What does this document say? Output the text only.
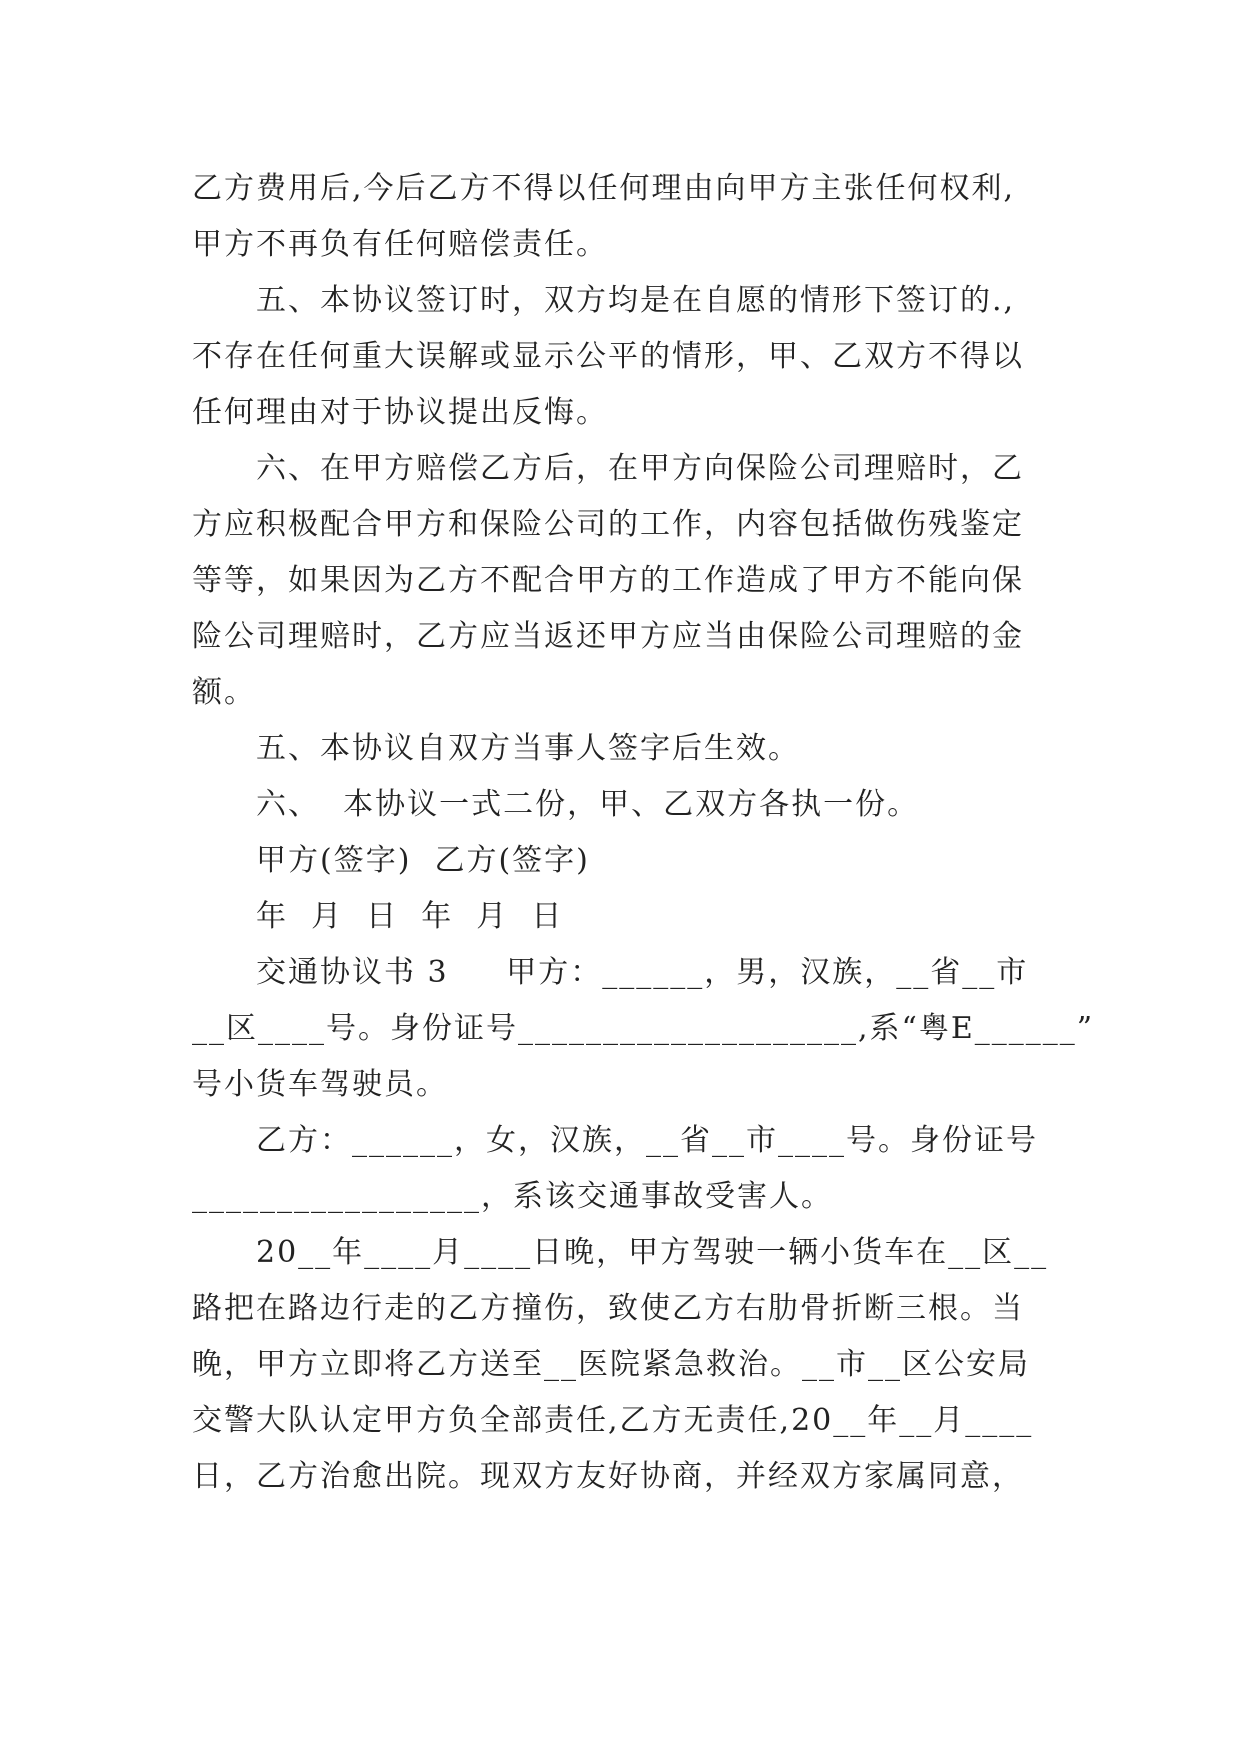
乙方费用后,今后乙方不得以任何理由向甲方主张任何权利,
甲方不再负有任何赔偿责任。
五、本协议签订时，双方均是在自愿的情形下签订的.,
不存在任何重大误解或显示公平的情形，甲、乙双方不得以
任何理由对于协议提出反悔。
六、在甲方赔偿乙方后，在甲方向保险公司理赔时，乙
方应积极配合甲方和保险公司的工作，内容包括做伤残鉴定
等等，如果因为乙方不配合甲方的工作造成了甲方不能向保
险公司理赔时，乙方应当返还甲方应当由保险公司理赔的金
额。
五、本协议自双方当事人签字后生效。
六、  本协议一式二份，甲、乙双方各执一份。
甲方(签字)  乙方(签字)
年  月  日  年  月  日
交通协议书 3     甲方：______，男，汉族，__省__市
__区____号。身份证号____________________,系“粤E______”
号小货车驾驶员。
乙方：______，女，汉族，__省__市____号。身份证号
_________________，系该交通事故受害人。
20__年____月____日晚，甲方驾驶一辆小货车在__区__
路把在路边行走的乙方撞伤，致使乙方右肋骨折断三根。当
晚，甲方立即将乙方送至__医院紧急救治。__市__区公安局
交警大队认定甲方负全部责任,乙方无责任,20__年__月____
日，乙方治愈出院。现双方友好协商，并经双方家属同意，
